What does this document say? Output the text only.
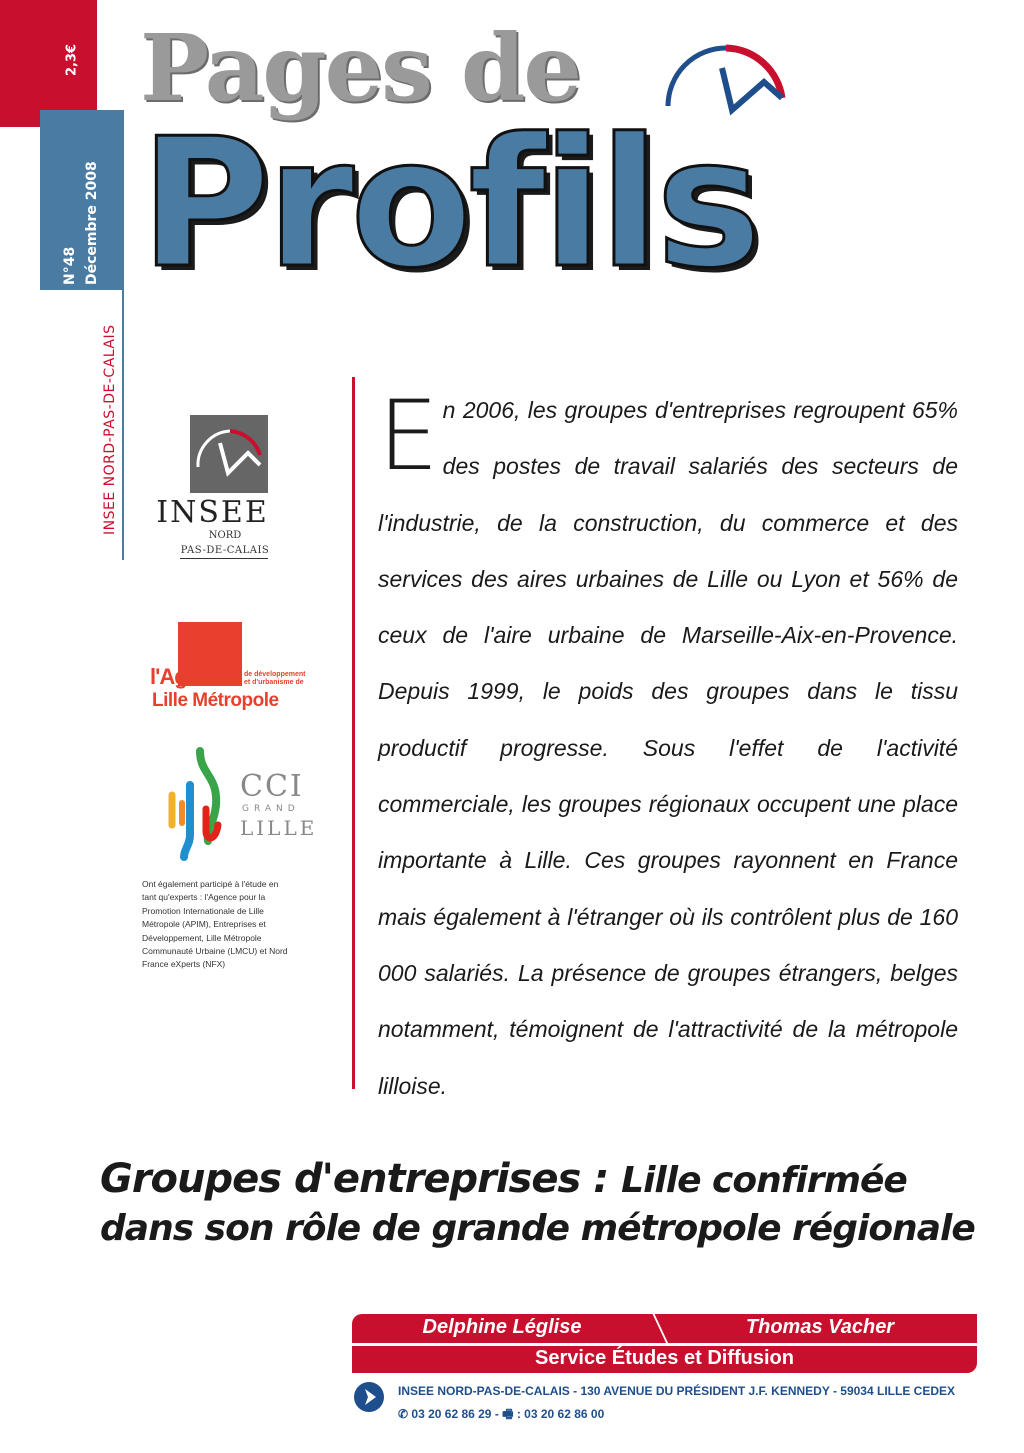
2,3€
N°48 Décembre 2008
INSEE NORD-PAS-DE-CALAIS
Pages de
Profils
INSEE
NORD
PAS-DE-CALAIS
l'Agence de développement
et d'urbanisme de
Lille Métropole
CCI
GRAND
LILLE
Ont également participé à l'étude en tant qu'experts : l'Agence pour la Promotion Internationale de Lille Métropole (APIM), Entreprises et Développement, Lille Métropole Communauté Urbaine (LMCU) et Nord France eXperts (NFX)
En 2006, les groupes d'entreprises regroupent 65% des postes de travail salariés des secteurs de l'industrie, de la construction, du commerce et des services des aires urbaines de Lille ou Lyon et 56% de ceux de l'aire urbaine de Marseille-Aix-en-Provence. Depuis 1999, le poids des groupes dans le tissu productif progresse. Sous l'effet de l'activité commerciale, les groupes régionaux occupent une place importante à Lille. Ces groupes rayonnent en France mais également à l'étranger où ils contrôlent plus de 160 000 salariés. La présence de groupes étrangers, belges notamment, témoignent de l'attractivité de la métropole lilloise.
Groupes d'entreprises : Lille confirmée
dans son rôle de grande métropole régionale
Delphine Léglise	Thomas Vacher
Service Études et Diffusion
INSEE NORD-PAS-DE-CALAIS - 130 AVENUE DU PRÉSIDENT J.F. KENNEDY - 59034 LILLE CEDEX
✆ 03 20 62 86 29 - 🖷 : 03 20 62 86 00
